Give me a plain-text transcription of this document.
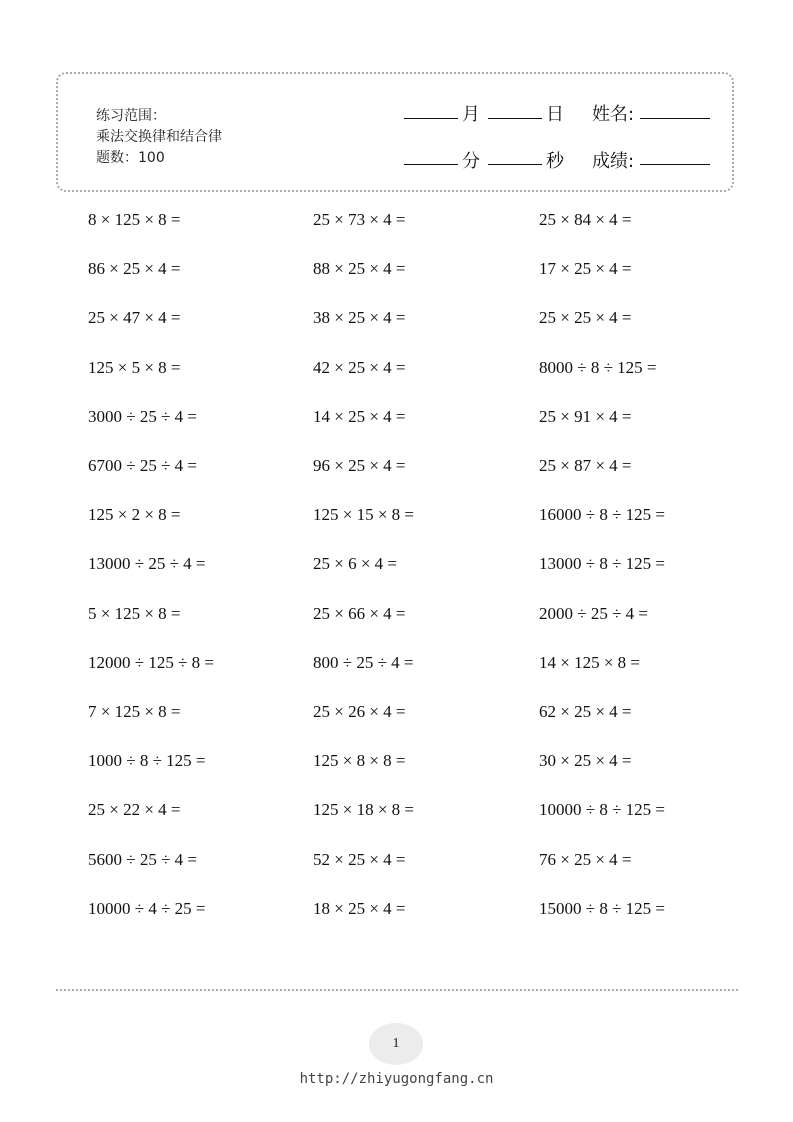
练习范围：
乘法交换律和结合律
题数：100
月	日 姓名:
分	秒 成绩:
8 × 125 × 8 =	25 × 73 × 4 =	25 × 84 × 4 =
86 × 25 × 4 =	88 × 25 × 4 =	17 × 25 × 4 =
25 × 47 × 4 =	38 × 25 × 4 =	25 × 25 × 4 =
125 × 5 × 8 =	42 × 25 × 4 =	8000 ÷ 8 ÷ 125 =
3000 ÷ 25 ÷ 4 =	14 × 25 × 4 =	25 × 91 × 4 =
6700 ÷ 25 ÷ 4 =	96 × 25 × 4 =	25 × 87 × 4 =
125 × 2 × 8 =	125 × 15 × 8 =	16000 ÷ 8 ÷ 125 =
13000 ÷ 25 ÷ 4 =	25 × 6 × 4 =	13000 ÷ 8 ÷ 125 =
5 × 125 × 8 =	25 × 66 × 4 =	2000 ÷ 25 ÷ 4 =
12000 ÷ 125 ÷ 8 =	800 ÷ 25 ÷ 4 =	14 × 125 × 8 =
7 × 125 × 8 =	25 × 26 × 4 =	62 × 25 × 4 =
1000 ÷ 8 ÷ 125 =	125 × 8 × 8 =	30 × 25 × 4 =
25 × 22 × 4 =	125 × 18 × 8 =	10000 ÷ 8 ÷ 125 =
5600 ÷ 25 ÷ 4 =	52 × 25 × 4 =	76 × 25 × 4 =
10000 ÷ 4 ÷ 25 =	18 × 25 × 4 =	15000 ÷ 8 ÷ 125 =
1
http://zhiyugongfang.cn
